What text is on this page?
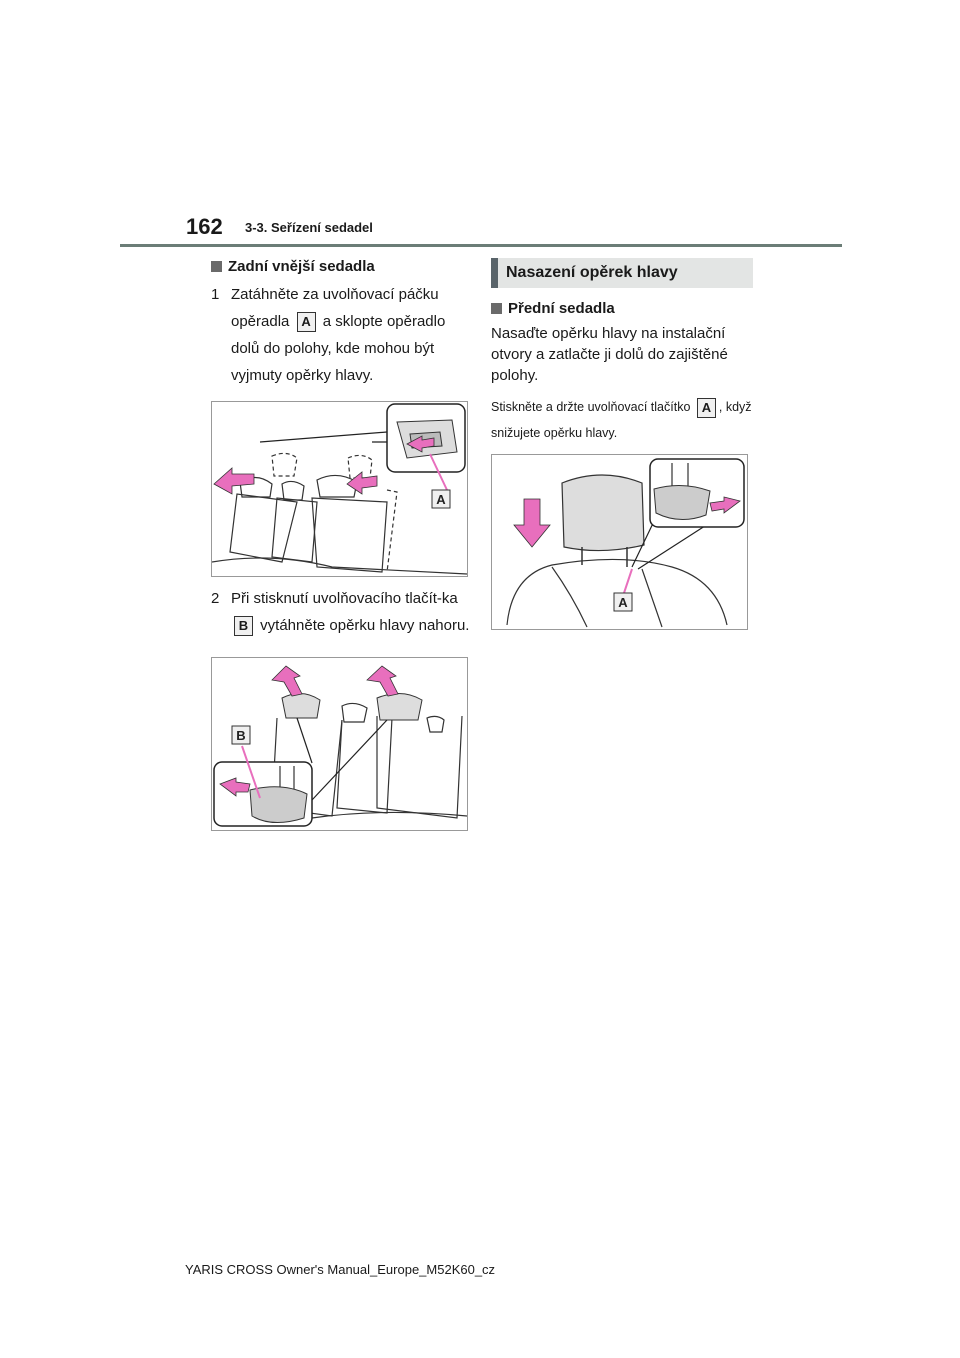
162 3-3. Seřízení sedadel
Zadní vnější sedadla
1 Zatáhněte za uvolňovací páčku opěradla A a sklopte opěradlo dolů do polohy, kde mohou být vyjmuty opěrky hlavy.
A
2 Při stisknutí uvolňovacího tlačít-ka B vytáhněte opěrku hlavy nahoru.
B
Nasazení opěrek hlavy
Přední sedadla
Nasaďte opěrku hlavy na instalační otvory a zatlačte ji dolů do zajištěné polohy.
Stiskněte a držte uvolňovací tlačítko A , když snižujete opěrku hlavy.
A
YARIS CROSS Owner's Manual_Europe_M52K60_cz
